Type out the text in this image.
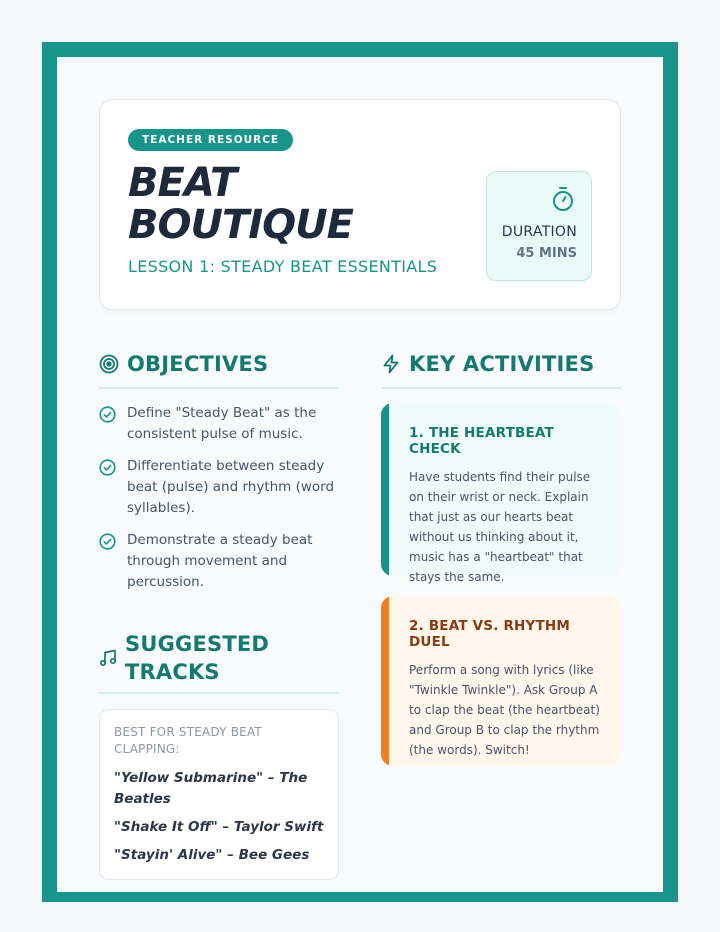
TEACHER RESOURCE
BEAT
BOUTIQUE
LESSON 1: STEADY BEAT ESSENTIALS
DURATION
45 MINS
OBJECTIVES
Define "Steady Beat" as the consistent pulse of music.
Differentiate between steady beat (pulse) and rhythm (word syllables).
Demonstrate a steady beat through movement and percussion.
SUGGESTED
TRACKS
BEST FOR STEADY BEAT CLAPPING:
"Yellow Submarine" – The Beatles
"Shake It Off" – Taylor Swift
"Stayin' Alive" – Bee Gees
KEY ACTIVITIES
1. THE HEARTBEAT CHECK

Have students find their pulse on their wrist or neck. Explain that just as our hearts beat without us thinking about it, music has a "heartbeat" that stays the same.

2. BEAT VS. RHYTHM DUEL

Perform a song with lyrics (like "Twinkle Twinkle"). Ask Group A to clap the beat (the heartbeat) and Group B to clap the rhythm (the words). Switch!
